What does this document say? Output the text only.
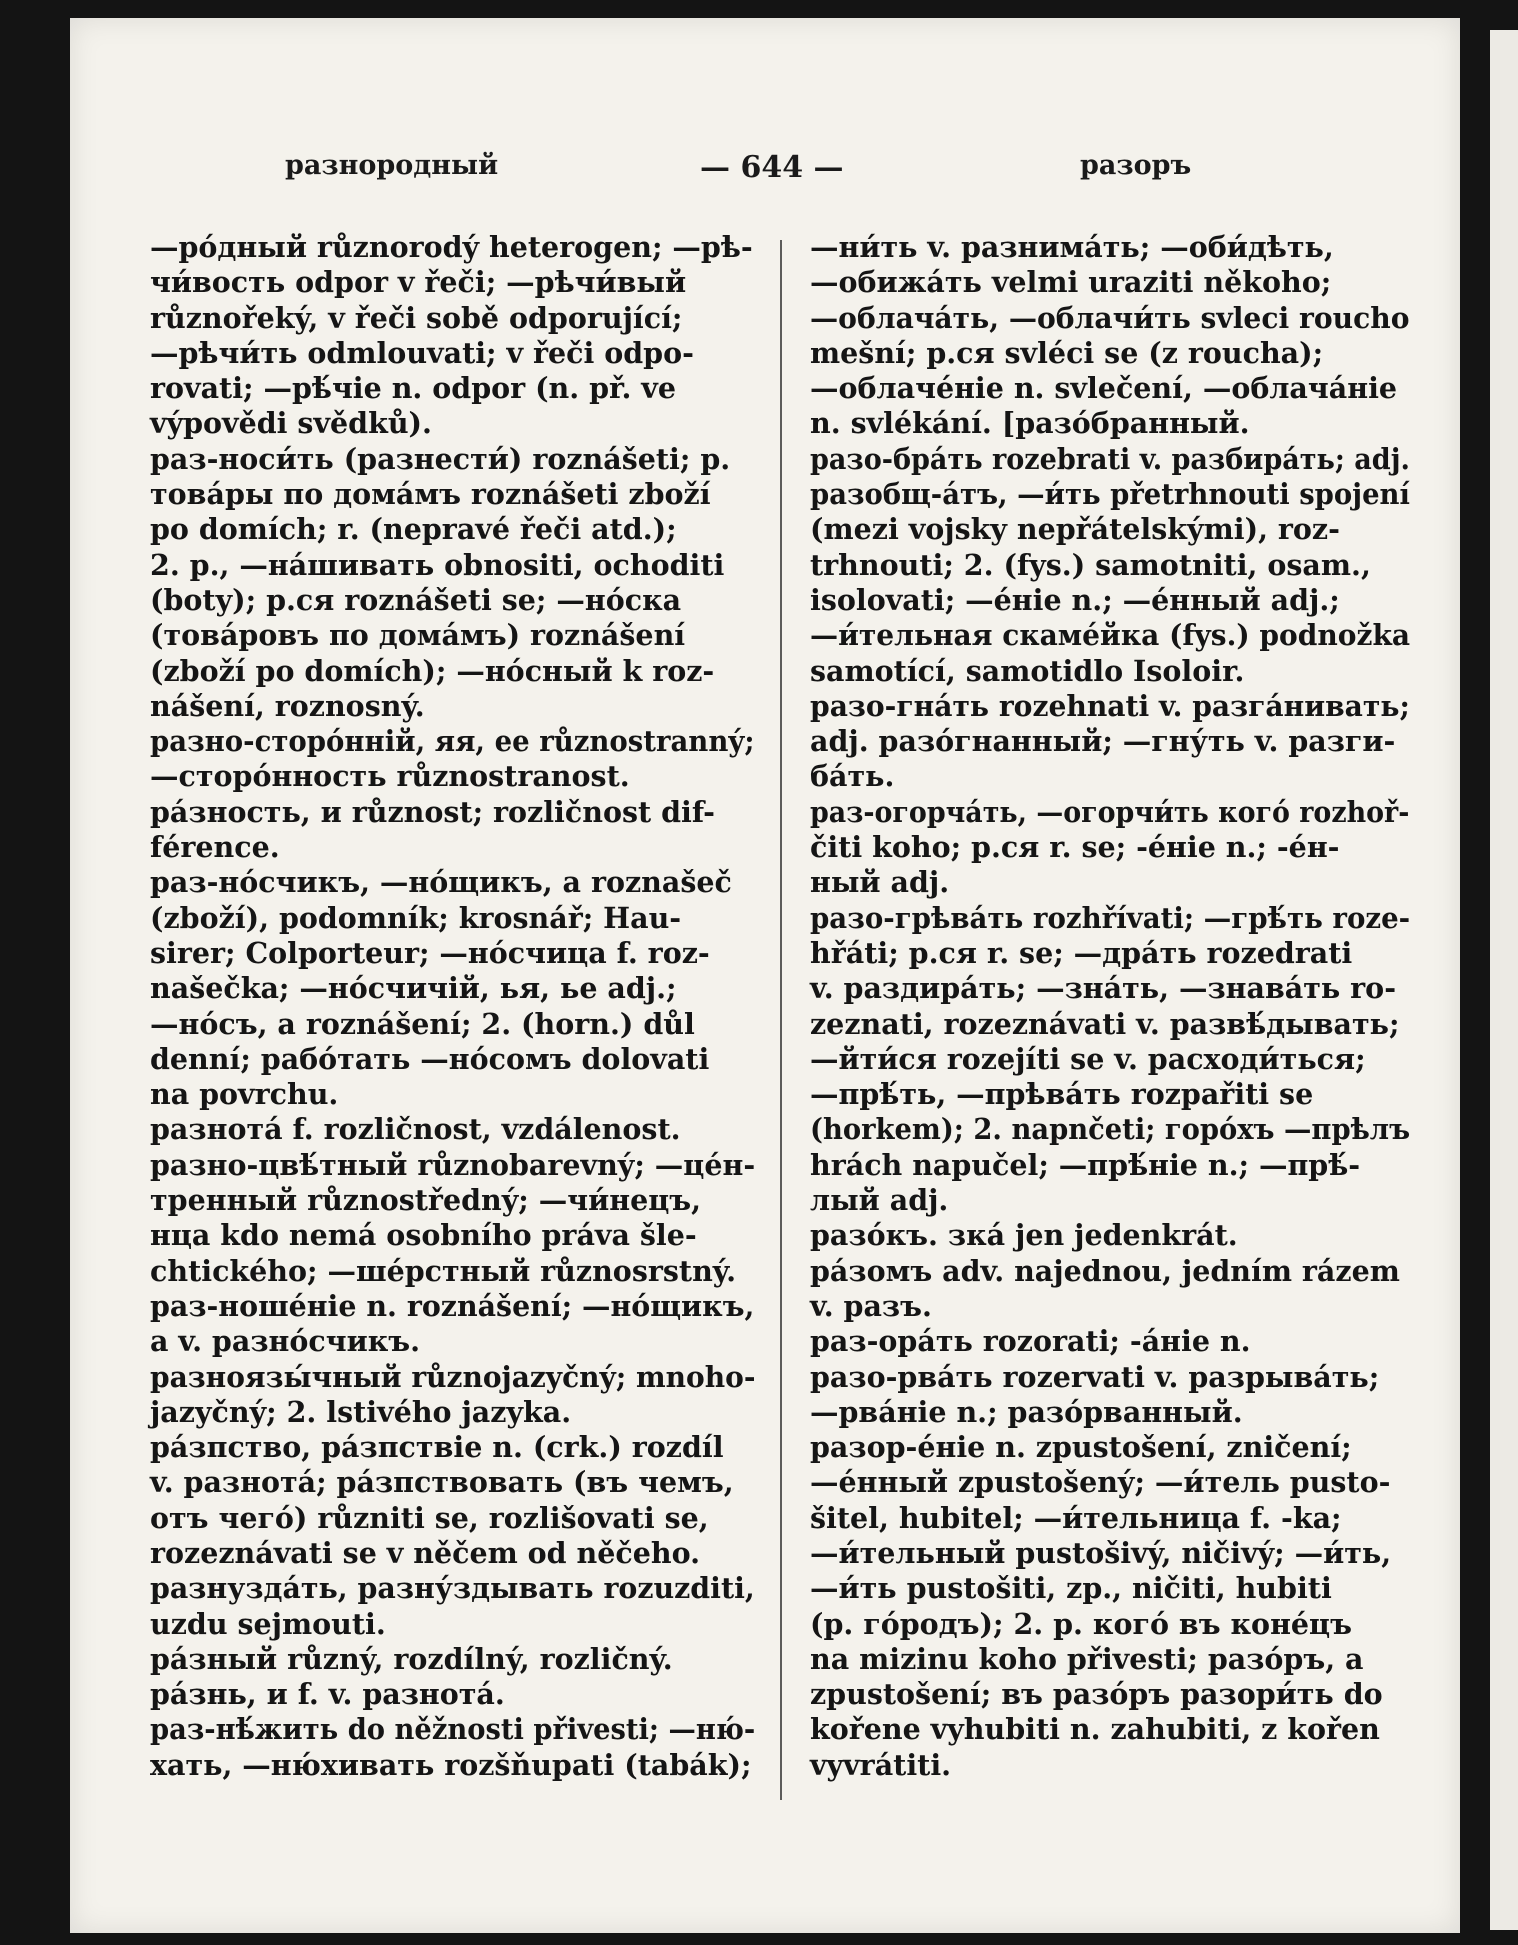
разнородный	— 644 —	разоръ
—ро́дный různorodý heterogen; —рѣ-
чи́вость odpor v řeči; —рѣчи́вый
různořeký, v řeči sobě odporující;
—рѣчи́ть odmlouvati; v řeči odpo-
rovati; —рѣ́чіе n. odpor (n. př. ve
výpovědi svědků).
раз-носи́ть (разнести́) roznášeti; p.
това́ры по дома́мъ roznášeti zboží
po domích; r. (nepravé řeči atd.);
2. p., —на́шивать obnositi, ochoditi
(boty); p.ся roznášeti se; —но́ска
(това́ровъ по дома́мъ) roznášení
(zboží po domích); —но́сный k roz-
nášení, roznosný.
разно-сторо́нній, яя, ее různostranný;
—сторо́нность různostranost.
ра́зность, и různost; rozličnost dif-
férence.
раз-но́счикъ, —но́щикъ, a roznašeč
(zboží), podomník; krosnář; Hau-
sirer; Colporteur; —но́счица f. roz-
našečka; —но́счичій, ья, ье adj.;
—но́съ, a roznášení; 2. (horn.) důl
denní; рабо́тать —но́сомъ dolovati
na povrchu.
разнота́ f. rozličnost, vzdálenost.
разно-цвѣ́тный různobarevný; —це́н-
тренный různostředný; —чи́нецъ,
нца kdo nemá osobního práva šle-
chtického; —ше́рстный různosrstný.
раз-ноше́ніе n. roznášení; —но́щикъ,
a v. разно́счикъ.
разноязы́чный různojazyčný; mnoho-
jazyčný; 2. lstivého jazyka.
ра́зпство, ра́зпствіе n. (crk.) rozdíl
v. разнота́; ра́зпствовать (въ чемъ,
отъ чего́) různiti se, rozlišovati se,
rozeznávati se v něčem od něčeho.
разнузда́ть, разну́здывать rozuzditi,
uzdu sejmouti.
ра́зный různý, rozdílný, rozličný.
ра́знь, и f. v. разнота́.
раз-нѣ́жить do něžnosti přivesti; —ню́-
хать, —ню́хивать rozšňupati (tabák);
—ни́ть v. разнима́ть; —оби́дѣть,
—обижа́ть velmi uraziti někoho;
—облача́ть, —облачи́ть svleci roucho
mešní; p.ся svléci se (z roucha);
—облаче́ніе n. svlečení, —облача́ніе
n. svlékání. [разо́бранный.
разо-бра́ть rozebrati v. разбира́ть; adj.
разобщ-а́тъ, —и́ть přetrhnouti spojení
(mezi vojsky nepřátelskými), roz-
trhnouti; 2. (fys.) samotniti, osam.,
isolovati; —е́ніе n.; —е́нный adj.;
—и́тельная скаме́йка (fys.) podnožka
samotící, samotidlo Isoloir.
разо-гна́ть rozehnati v. разга́нивать;
adj. разо́гнанный; —гну́ть v. разги-
ба́ть.
раз-огорча́ть, —огорчи́ть кого́ rozhoř-
čiti koho; p.ся r. se; -е́ніе n.; -е́н-
ный adj.
разо-грѣва́ть rozhřívati; —грѣ́ть roze-
hřáti; p.ся r. se; —дра́ть rozedrati
v. раздира́ть; —зна́ть, —знава́ть ro-
zeznati, rozeznávati v. развѣ́дывать;
—йти́ся rozejíti se v. расходи́ться;
—прѣ́ть, —прѣва́ть rozpařiti se
(horkem); 2. napnčeti; горо́хъ —прѣлъ
hrách napučel; —прѣ́ніе n.; —прѣ́-
лый adj.
разо́къ. зка́ jen jedenkrát.
ра́зомъ adv. najednou, jedním rázem
v. разъ.
раз-ора́ть rozorati; -а́ніе n.
разо-рва́ть rozervati v. разрыва́ть;
—рва́ніе n.; разо́рванный.
разор-е́ніе n. zpustošení, zničení;
—е́нный zpustošený; —и́тель pusto-
šitel, hubitel; —и́тельница f. -ka;
—и́тельный pustošivý, ničivý; —и́ть,
—и́ть pustošiti, zp., ničiti, hubiti
(p. го́родъ); 2. p. кого́ въ коне́цъ
na mizinu koho přivesti; разо́ръ, a
zpustošení; въ разо́ръ разори́ть do
kořene vyhubiti n. zahubiti, z kořen
vyvrátiti.
